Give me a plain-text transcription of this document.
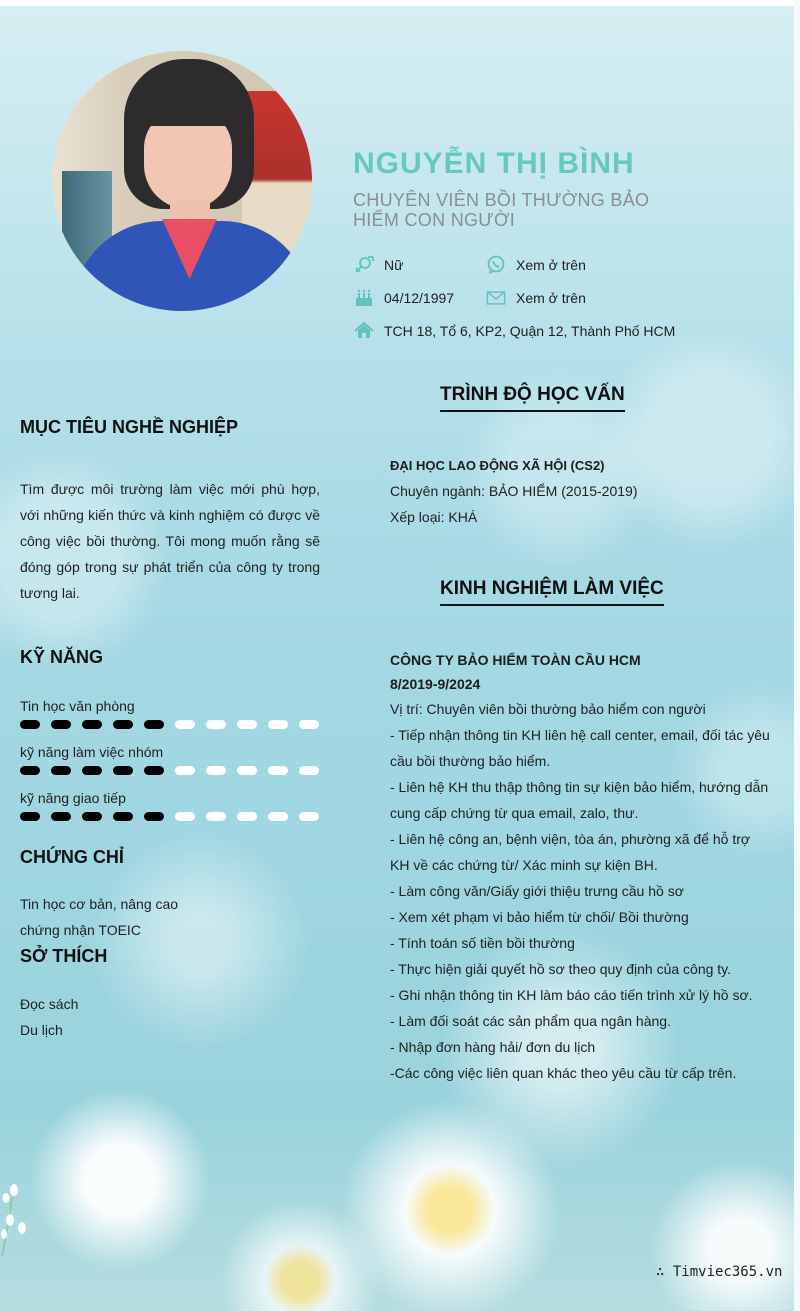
NGUYỄN THỊ BÌNH
CHUYÊN VIÊN BỒI THƯỜNG BẢO HIỂM CON NGƯỜI
Nữ	Xem ở trên
04/12/1997	Xem ở trên
TCH 18, Tổ 6, KP2, Quận 12, Thành Phố HCM
MỤC TIÊU NGHỀ NGHIỆP
Tìm được môi trường làm việc mới phù hợp, với những kiến thức và kinh nghiệm có được về công việc bồi thường. Tôi mong muốn rằng sẽ đóng góp trong sự phát triển của công ty trong tương lai.
KỸ NĂNG
Tin học văn phòng
kỹ năng làm việc nhóm
kỹ năng giao tiếp
CHỨNG CHỈ
Tin học cơ bản, nâng cao
chứng nhận TOEIC
SỞ THÍCH
Đọc sách
Du lịch
TRÌNH ĐỘ HỌC VẤN
ĐẠI HỌC LAO ĐỘNG XÃ HỘI (CS2)
Chuyên ngành: BẢO HIỂM (2015-2019)
Xếp loại: KHÁ
KINH NGHIỆM LÀM VIỆC
CÔNG TY BẢO HIỂM TOÀN CẦU HCM
8/2019-9/2024
Vị trí: Chuyên viên bồi thường bảo hiểm con người
- Tiếp nhận thông tin KH liên hệ call center, email, đối tác yêu cầu bồi thường bảo hiểm.
- Liên hệ KH thu thập thông tin sự kiện bảo hiểm, hướng dẫn cung cấp chứng từ qua email, zalo, thư.
- Liên hệ công an, bệnh viện, tòa án, phường xã để hỗ trợ KH về các chứng từ/ Xác minh sự kiện BH.
- Làm công văn/Giấy giới thiệu trưng cầu hồ sơ
- Xem xét phạm vi bảo hiểm từ chối/ Bồi thường
- Tính toán số tiền bồi thường
- Thực hiện giải quyết hồ sơ theo quy định của công ty.
- Ghi nhận thông tin KH làm báo cáo tiến trình xử lý hồ sơ.
- Làm đối soát các sản phẩm qua ngân hàng.
- Nhập đơn hàng hải/ đơn du lịch
-Các công việc liên quan khác theo yêu cầu từ cấp trên.
∴ Timviec365.vn
